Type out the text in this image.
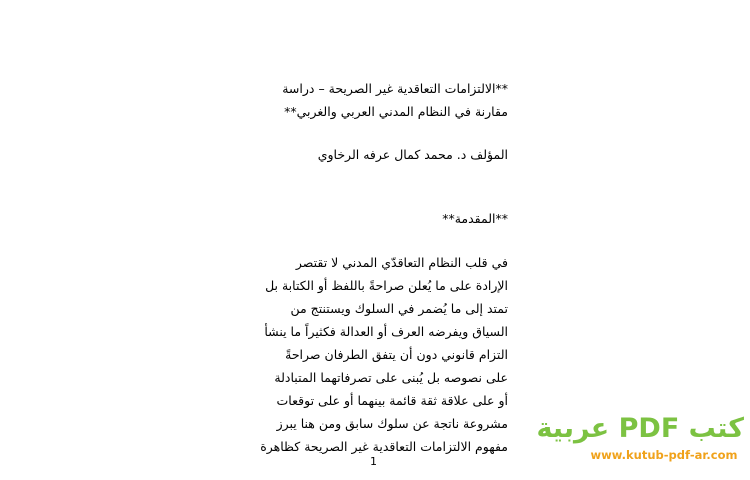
**الالتزامات التعاقدية غير الصريحة – دراسة
مقارنة في النظام المدني العربي والغربي**
المؤلف د. محمد كمال عرفه الرخاوي
**المقدمة**
في قلب النظام التعاقدّي المدني لا تقتصر
الإرادة على ما يُعلن صراحةً باللفظ أو الكتابة بل
تمتد إلى ما يُضمر في السلوك ويستنتج من
السياق ويفرضه العرف أو العدالة فكثيراً ما ينشأ
التزام قانوني دون أن يتفق الطرفان صراحةً
على نصوصه بل يُبنى على تصرفاتهما المتبادلة
أو على علاقة ثقة قائمة بينهما أو على توقعات
مشروعة ناتجة عن سلوك سابق ومن هنا يبرز
مفهوم الالتزامات التعاقدية غير الصريحة كظاهرة
1
كتب PDF عربية
www.kutub-pdf-ar.com
